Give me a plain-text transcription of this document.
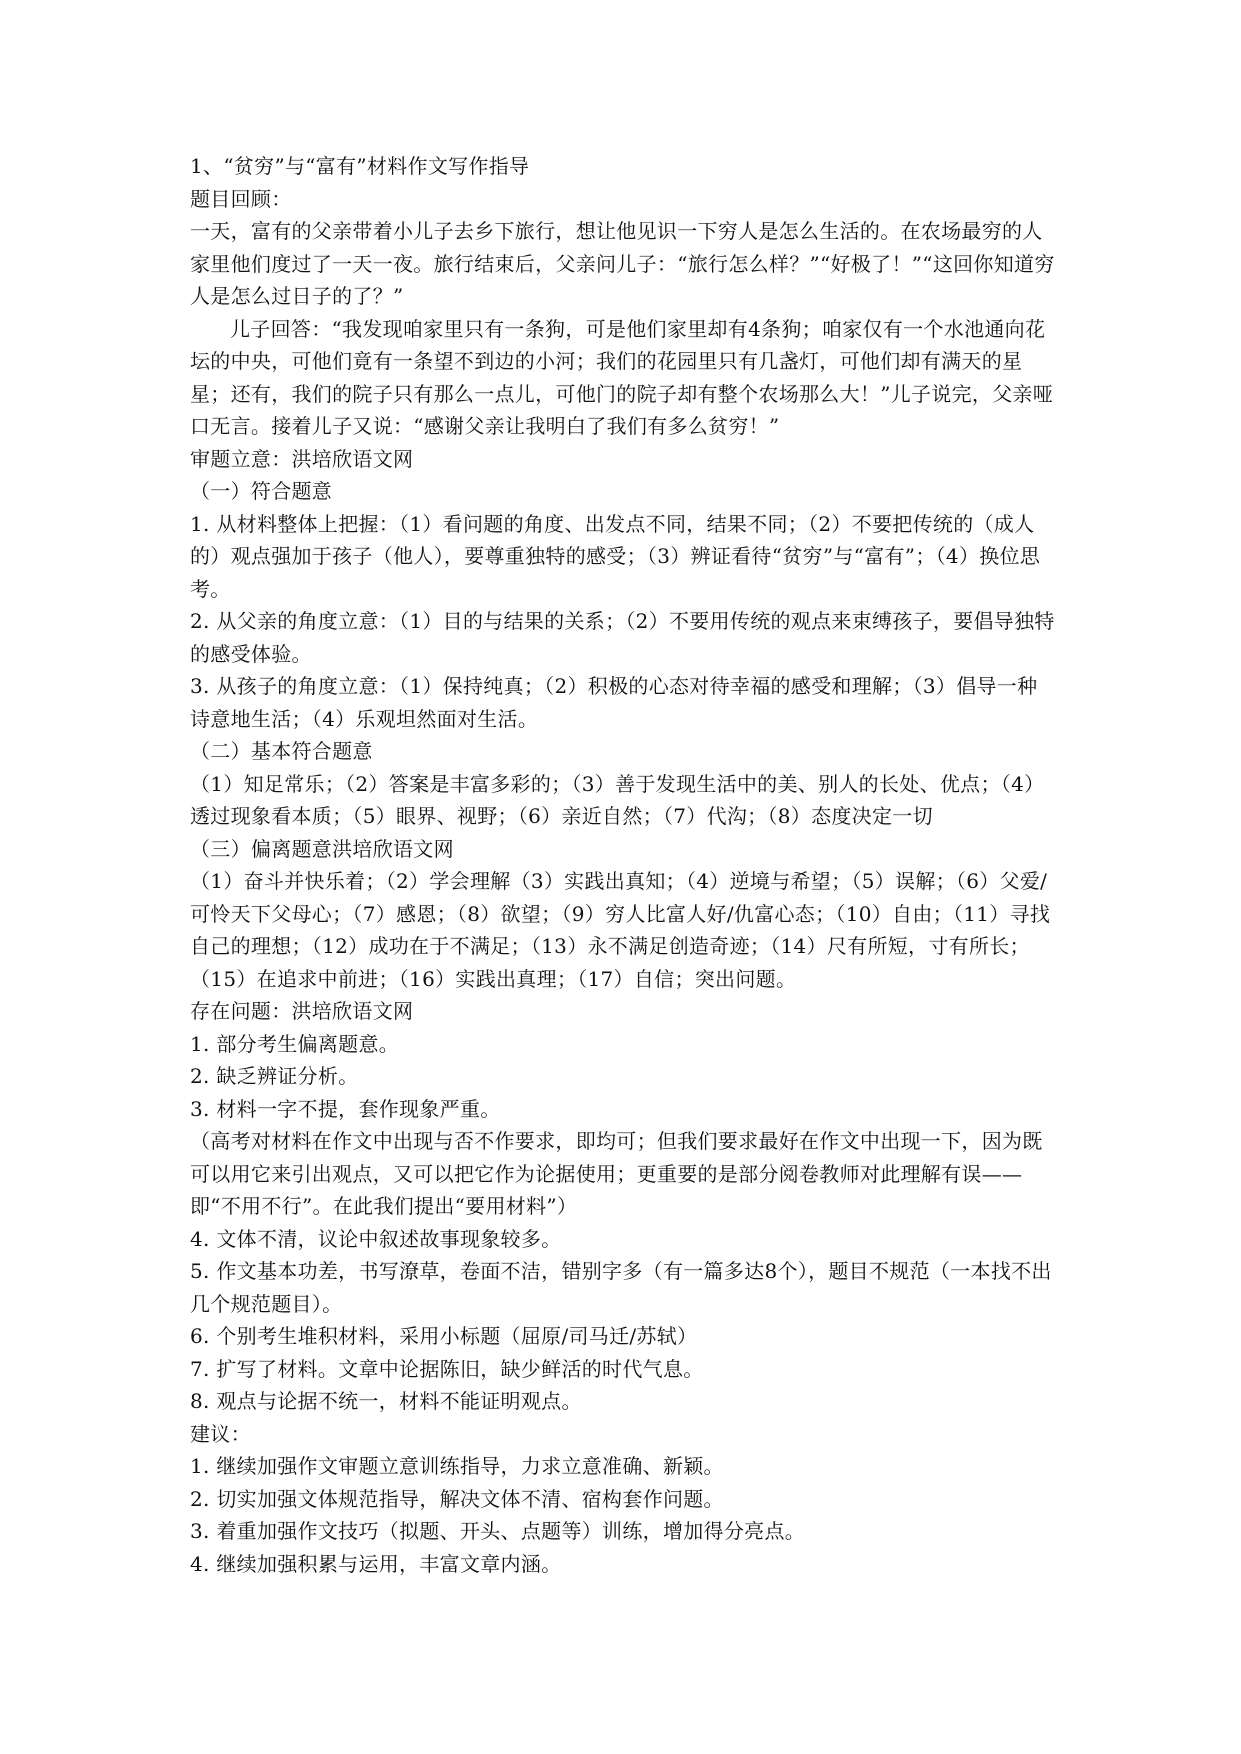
1、“贫穷”与“富有”材料作文写作指导

题目回顾：

一天，富有的父亲带着小儿子去乡下旅行，想让他见识一下穷人是怎么生活的。在农场最穷的人家里他们度过了一天一夜。旅行结束后，父亲问儿子：“旅行怎么样？”“好极了！”“这回你知道穷人是怎么过日子的了？”

儿子回答：“我发现咱家里只有一条狗，可是他们家里却有4条狗；咱家仅有一个水池通向花坛的中央，可他们竟有一条望不到边的小河；我们的花园里只有几盏灯，可他们却有满天的星星；还有，我们的院子只有那么一点儿，可他门的院子却有整个农场那么大！”儿子说完，父亲哑口无言。接着儿子又说：“感谢父亲让我明白了我们有多么贫穷！”

审题立意：洪培欣语文网

（一）符合题意

1. 从材料整体上把握：（1）看问题的角度、出发点不同，结果不同；（2）不要把传统的（成人的）观点强加于孩子（他人），要尊重独特的感受；（3）辨证看待“贫穷”与“富有”；（4）换位思考。

2. 从父亲的角度立意：（1）目的与结果的关系；（2）不要用传统的观点来束缚孩子，要倡导独特的感受体验。

3. 从孩子的角度立意：（1）保持纯真；（2）积极的心态对待幸福的感受和理解；（3）倡导一种诗意地生活；（4）乐观坦然面对生活。

（二）基本符合题意

（1）知足常乐；（2）答案是丰富多彩的；（3）善于发现生活中的美、别人的长处、优点；（4）透过现象看本质；（5）眼界、视野；（6）亲近自然；（7）代沟；（8）态度决定一切

（三）偏离题意洪培欣语文网

（1）奋斗并快乐着；（2）学会理解（3）实践出真知；（4）逆境与希望；（5）误解；（6）父爱/可怜天下父母心；（7）感恩；（8）欲望；（9）穷人比富人好/仇富心态；（10）自由；（11）寻找自己的理想；（12）成功在于不满足；（13）永不满足创造奇迹；（14）尺有所短，寸有所长；（15）在追求中前进；（16）实践出真理；（17）自信；突出问题。

存在问题：洪培欣语文网

1. 部分考生偏离题意。

2. 缺乏辨证分析。

3. 材料一字不提，套作现象严重。

（高考对材料在作文中出现与否不作要求，即均可；但我们要求最好在作文中出现一下，因为既可以用它来引出观点，又可以把它作为论据使用；更重要的是部分阅卷教师对此理解有误——即“不用不行”。在此我们提出“要用材料”）

4. 文体不清，议论中叙述故事现象较多。

5. 作文基本功差，书写潦草，卷面不洁，错别字多（有一篇多达8个），题目不规范（一本找不出几个规范题目）。

6. 个别考生堆积材料，采用小标题（屈原/司马迁/苏轼）

7. 扩写了材料。文章中论据陈旧，缺少鲜活的时代气息。

8. 观点与论据不统一，材料不能证明观点。

建议：

1. 继续加强作文审题立意训练指导，力求立意准确、新颖。

2. 切实加强文体规范指导，解决文体不清、宿构套作问题。

3. 着重加强作文技巧（拟题、开头、点题等）训练，增加得分亮点。

4. 继续加强积累与运用，丰富文章内涵。
